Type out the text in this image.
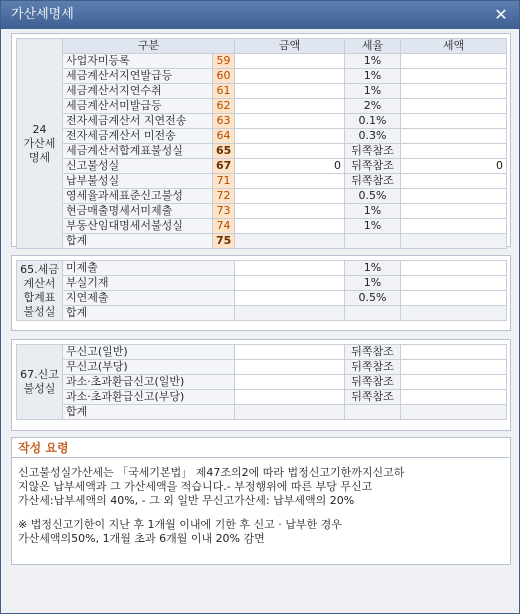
가산세명세	✕
24
가산세
명세	구분		금액	세율	세액
	사업자미등록	59		1%	
	세금계산서지연발급등	60		1%	
	세금계산서지연수취	61		1%	
	세금계산서미발급등	62		2%	
	전자세금계산서 지연전송	63		0.1%	
	전자세금계산서 미전송	64		0.3%	
	세금계산서합계표불성실	65		뒤쪽참조	
	신고불성실	67	0	뒤쪽참조	0
	납부불성실	71		뒤쪽참조	
	영세율과세표준신고불성	72		0.5%	
	현금매출명세서미제출	73		1%	
	부동산임대명세서불성실	74		1%	
	합계	75			
65.세금
계산서
합계표
불성실	미제출		1%	
	부실기재		1%	
	지연제출		0.5%	
	합계			
67.신고
불성실	무신고(일반)		뒤쪽참조	
	무신고(부당)		뒤쪽참조	
	과소·초과환급신고(일반)		뒤쪽참조	
	과소·초과환급신고(부당)		뒤쪽참조	
	합계			
작성 요령

신고불성실가산세는 「국세기본법」 제47조의2에 따라 법정신고기한까지신고하
지않은 납부세액과 그 가산세액을 적습니다.- 부정행위에 따른 부당 무신고
가산세:납부세액의 40%, - 그 외 일반 무신고가산세: 납부세액의 20%

※ 법정신고기한이 지난 후 1개월 이내에 기한 후 신고 · 납부한 경우
가산세액의50%, 1개월 초과 6개월 이내 20% 감면
